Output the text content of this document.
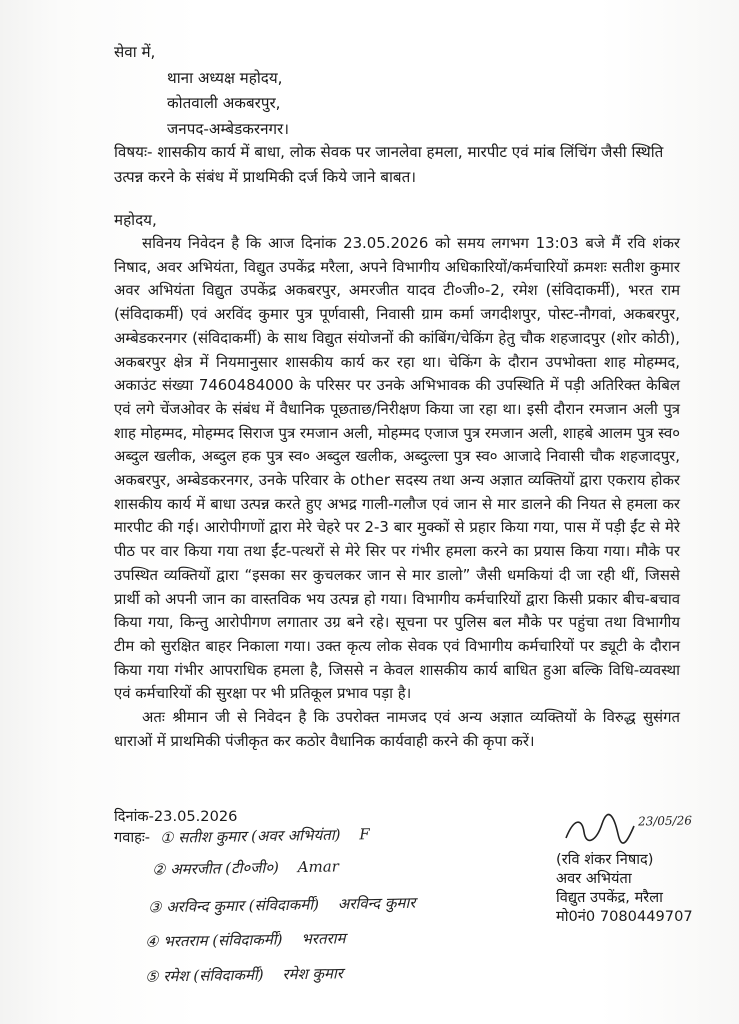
सेवा में,
थाना अध्यक्ष महोदय,
कोतवाली अकबरपुर,
जनपद-अम्बेडकरनगर।
विषयः- शासकीय कार्य में बाधा, लोक सेवक पर जानलेवा हमला, मारपीट एवं मांब लिंचिंग जैसी स्थिति उत्पन्न करने के संबंध में प्राथमिकी दर्ज किये जाने बाबत।
महोदय,

सविनय निवेदन है कि आज दिनांक 23.05.2026 को समय लगभग 13:03 बजे मैं रवि शंकर निषाद, अवर अभियंता, विद्युत उपकेंद्र मरैला, अपने विभागीय अधिकारियों/कर्मचारियों क्रमशः सतीश कुमार अवर अभियंता विद्युत उपकेंद्र अकबरपुर, अमरजीत यादव टी०जी०-2, रमेश (संविदाकर्मी), भरत राम (संविदाकर्मी) एवं अरविंद कुमार पुत्र पूर्णवासी, निवासी ग्राम कर्मा जगदीशपुर, पोस्ट-नौगवां, अकबरपुर, अम्बेडकरनगर (संविदाकर्मी) के साथ विद्युत संयोजनों की कांबिंग/चेकिंग हेतु चौक शहजादपुर (शोर कोठी), अकबरपुर क्षेत्र में नियमानुसार शासकीय कार्य कर रहा था। चेकिंग के दौरान उपभोक्ता शाह मोहम्मद, अकाउंट संख्या 7460484000 के परिसर पर उनके अभिभावक की उपस्थिति में पड़ी अतिरिक्त केबिल एवं लगे चेंजओवर के संबंध में वैधानिक पूछताछ/निरीक्षण किया जा रहा था। इसी दौरान रमजान अली पुत्र शाह मोहम्मद, मोहम्मद सिराज पुत्र रमजान अली, मोहम्मद एजाज पुत्र रमजान अली, शाहबे आलम पुत्र स्व० अब्दुल खलीक, अब्दुल हक पुत्र स्व० अब्दुल खलीक, अब्दुल्ला पुत्र स्व० आजादे निवासी चौक शहजादपुर, अकबरपुर, अम्बेडकरनगर, उनके परिवार के other सदस्य तथा अन्य अज्ञात व्यक्तियों द्वारा एकराय होकर शासकीय कार्य में बाधा उत्पन्न करते हुए अभद्र गाली-गलौज एवं जान से मार डालने की नियत से हमला कर मारपीट की गई। आरोपीगणों द्वारा मेरे चेहरे पर 2-3 बार मुक्कों से प्रहार किया गया, पास में पड़ी ईंट से मेरे पीठ पर वार किया गया तथा ईंट-पत्थरों से मेरे सिर पर गंभीर हमला करने का प्रयास किया गया। मौके पर उपस्थित व्यक्तियों द्वारा “इसका सर कुचलकर जान से मार डालो” जैसी धमकियां दी जा रही थीं, जिससे प्रार्थी को अपनी जान का वास्तविक भय उत्पन्न हो गया। विभागीय कर्मचारियों द्वारा किसी प्रकार बीच-बचाव किया गया, किन्तु आरोपीगण लगातार उग्र बने रहे। सूचना पर पुलिस बल मौके पर पहुंचा तथा विभागीय टीम को सुरक्षित बाहर निकाला गया। उक्त कृत्य लोक सेवक एवं विभागीय कर्मचारियों पर ड्यूटी के दौरान किया गया गंभीर आपराधिक हमला है, जिससे न केवल शासकीय कार्य बाधित हुआ बल्कि विधि-व्यवस्था एवं कर्मचारियों की सुरक्षा पर भी प्रतिकूल प्रभाव पड़ा है।

अतः श्रीमान जी से निवेदन है कि उपरोक्त नामजद एवं अन्य अज्ञात व्यक्तियों के विरुद्ध सुसंगत धाराओं में प्राथमिकी पंजीकृत कर कठोर वैधानिक कार्यवाही करने की कृपा करें।

दिनांक-23.05.2026
गवाहः- ① सतीश कुमार (अवर अभियंता) F
② अमरजीत (टी०जी०) Amar
③ अरविन्द कुमार (संविदाकर्मी) अरविन्द कुमार
④ भरतराम (संविदाकर्मी) भरतराम
⑤ रमेश (संविदाकर्मी) रमेश कुमार
23/05/26
(रवि शंकर निषाद)
अवर अभियंता
विद्युत उपकेंद्र, मरैला
मो0नं0 7080449707
